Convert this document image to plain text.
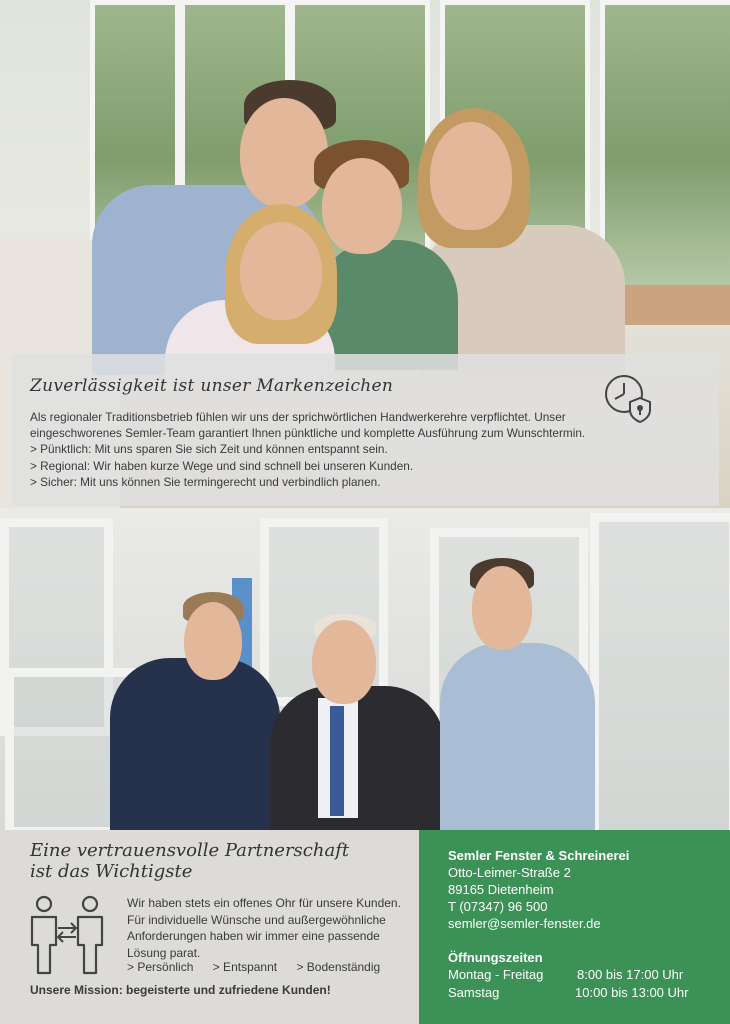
Zuverlässigkeit ist unser Markenzeichen
Als regionaler Traditionsbetrieb fühlen wir uns der sprichwörtlichen Handwerkerehre verpflichtet. Unser
eingeschworenes Semler-Team garantiert Ihnen pünktliche und komplette Ausführung zum Wunschtermin.
> Pünktlich: Mit uns sparen Sie sich Zeit und können entspannt sein.
> Regional: Wir haben kurze Wege und sind schnell bei unseren Kunden.
> Sicher: Mit uns können Sie termingerecht und verbindlich planen.
Eine vertrauensvolle Partnerschaft
ist das Wichtigste
Wir haben stets ein offenes Ohr für unsere Kunden. Für individuelle Wünsche und außergewöhnliche Anforderungen haben wir immer eine passende Lösung parat.
> Persönlich > Entspannt > Bodenständig
Unsere Mission: begeisterte und zufriedene Kunden!
Semler Fenster & Schreinerei
Otto-Leimer-Straße 2
89165 Dietenheim
T (07347) 96 500
semler@semler-fenster.de
Öffnungszeiten
Montag - Freitag	8:00 bis 17:00 Uhr
Samstag	10:00 bis 13:00 Uhr
